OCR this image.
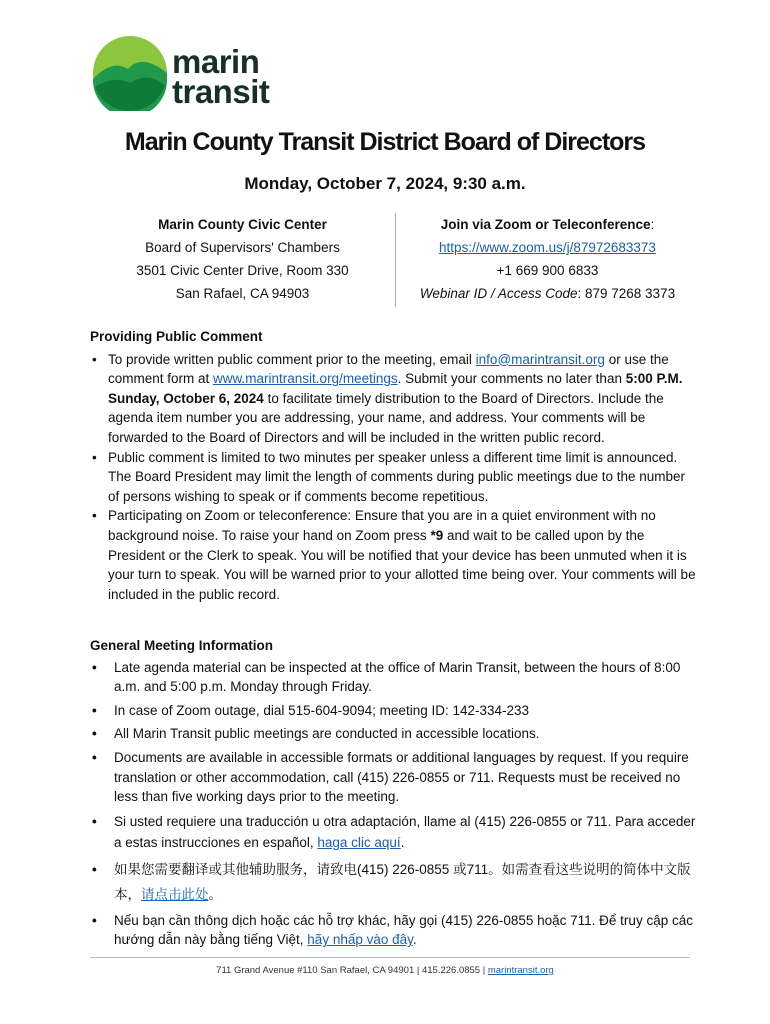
marin
transit
Marin County Transit District Board of Directors
Monday, October 7, 2024, 9:30 a.m.
Marin County Civic Center
Board of Supervisors' Chambers
3501 Civic Center Drive, Room 330
San Rafael, CA 94903
Join via Zoom or Teleconference:
https://www.zoom.us/j/87972683373
+1 669 900 6833
Webinar ID / Access Code: 879 7268 3373
Providing Public Comment
• To provide written public comment prior to the meeting, email info@marintransit.org or use the comment form at www.marintransit.org/meetings. Submit your comments no later than 5:00 P.M. Sunday, October 6, 2024 to facilitate timely distribution to the Board of Directors. Include the agenda item number you are addressing, your name, and address. Your comments will be forwarded to the Board of Directors and will be included in the written public record.
• Public comment is limited to two minutes per speaker unless a different time limit is announced. The Board President may limit the length of comments during public meetings due to the number of persons wishing to speak or if comments become repetitious.
• Participating on Zoom or teleconference: Ensure that you are in a quiet environment with no background noise. To raise your hand on Zoom press *9 and wait to be called upon by the President or the Clerk to speak. You will be notified that your device has been unmuted when it is your turn to speak. You will be warned prior to your allotted time being over. Your comments will be included in the public record.
General Meeting Information
• Late agenda material can be inspected at the office of Marin Transit, between the hours of 8:00 a.m. and 5:00 p.m. Monday through Friday.
• In case of Zoom outage, dial 515-604-9094; meeting ID: 142-334-233
• All Marin Transit public meetings are conducted in accessible locations.
• Documents are available in accessible formats or additional languages by request. If you require translation or other accommodation, call (415) 226-0855 or 711. Requests must be received no less than five working days prior to the meeting.
• Si usted requiere una traducción u otra adaptación, llame al (415) 226-0855 or 711. Para acceder a estas instrucciones en español, haga clic aquí.
• 如果您需要翻译或其他辅助服务，请致电(415) 226-0855 或711。如需查看这些说明的简体中文版本，请点击此处。
• Nếu bạn cần thông dịch hoặc các hỗ trợ khác, hãy gọi (415) 226-0855 hoặc 711. Để truy cập các hướng dẫn này bằng tiếng Việt, hãy nhấp vào đây.
711 Grand Avenue #110 San Rafael, CA 94901 | 415.226.0855 | marintransit.org
